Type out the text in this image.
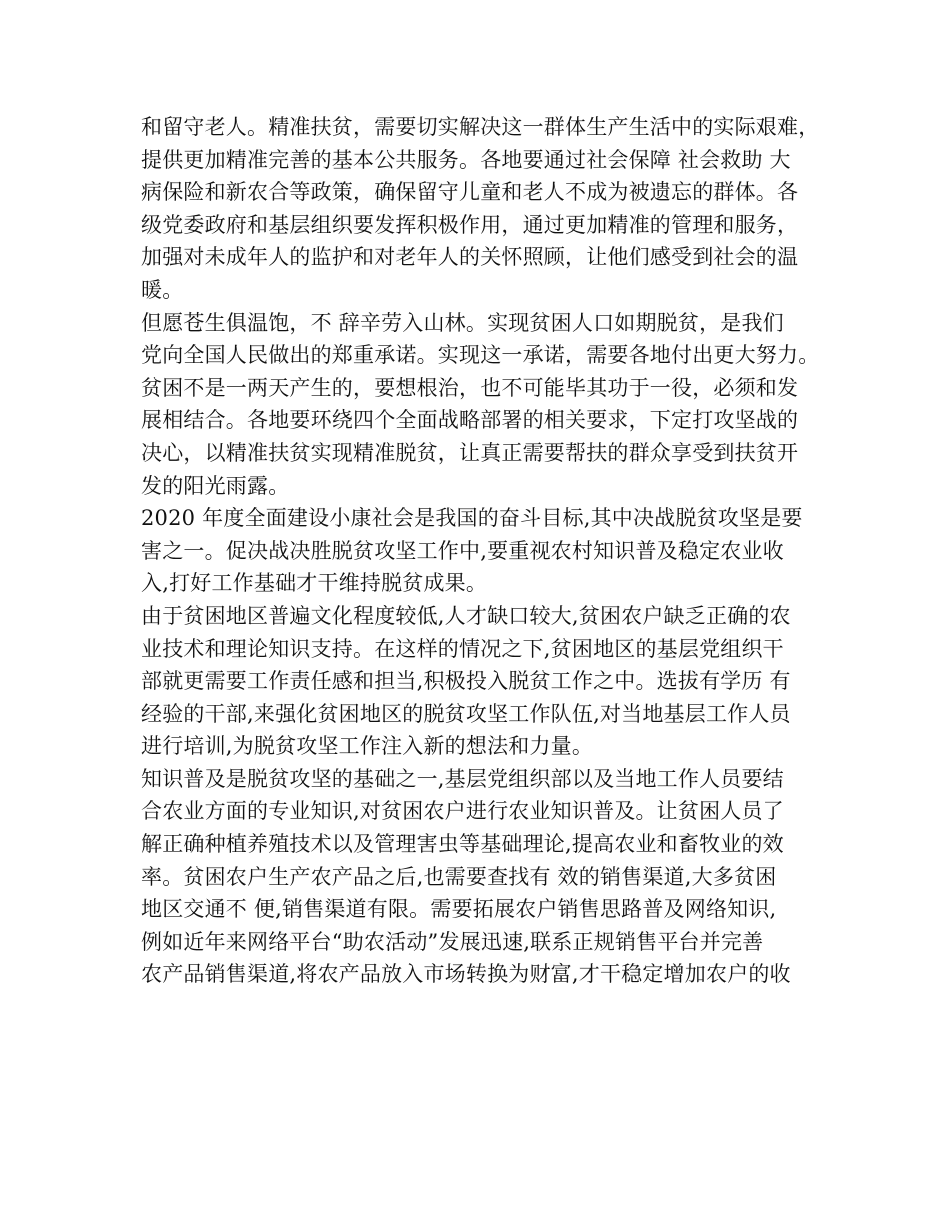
和留守老人。精准扶贫，需要切实解决这一群体生产生活中的实际艰难，
提供更加精准完善的基本公共服务。各地要通过社会保障 社会救助 大
病保险和新农合等政策，确保留守儿童和老人不成为被遗忘的群体。各
级党委政府和基层组织要发挥积极作用，通过更加精准的管理和服务，
加强对未成年人的监护和对老年人的关怀照顾，让他们感受到社会的温
暖。
但愿苍生俱温饱，不 辞辛劳入山林。实现贫困人口如期脱贫，是我们
党向全国人民做出的郑重承诺。实现这一承诺，需要各地付出更大努力。
贫困不是一两天产生的，要想根治，也不可能毕其功于一役，必须和发
展相结合。各地要环绕四个全面战略部署的相关要求，下定打攻坚战的
决心，以精准扶贫实现精准脱贫，让真正需要帮扶的群众享受到扶贫开
发的阳光雨露。
2020 年度全面建设小康社会是我国的奋斗目标,其中决战脱贫攻坚是要
害之一。促决战决胜脱贫攻坚工作中,要重视农村知识普及稳定农业收
入,打好工作基础才干维持脱贫成果。
由于贫困地区普遍文化程度较低,人才缺口较大,贫困农户缺乏正确的农
业技术和理论知识支持。在这样的情况之下,贫困地区的基层党组织干
部就更需要工作责任感和担当,积极投入脱贫工作之中。选拔有学历 有
经验的干部,来强化贫困地区的脱贫攻坚工作队伍,对当地基层工作人员
进行培训,为脱贫攻坚工作注入新的想法和力量。
知识普及是脱贫攻坚的基础之一,基层党组织部以及当地工作人员要结
合农业方面的专业知识,对贫困农户进行农业知识普及。让贫困人员了
解正确种植养殖技术以及管理害虫等基础理论,提高农业和畜牧业的效
率。贫困农户生产农产品之后,也需要查找有 效的销售渠道,大多贫困
地区交通不 便,销售渠道有限。需要拓展农户销售思路普及网络知识,
例如近年来网络平台“助农活动”发展迅速,联系正规销售平台并完善
农产品销售渠道,将农产品放入市场转换为财富,才干稳定增加农户的收
